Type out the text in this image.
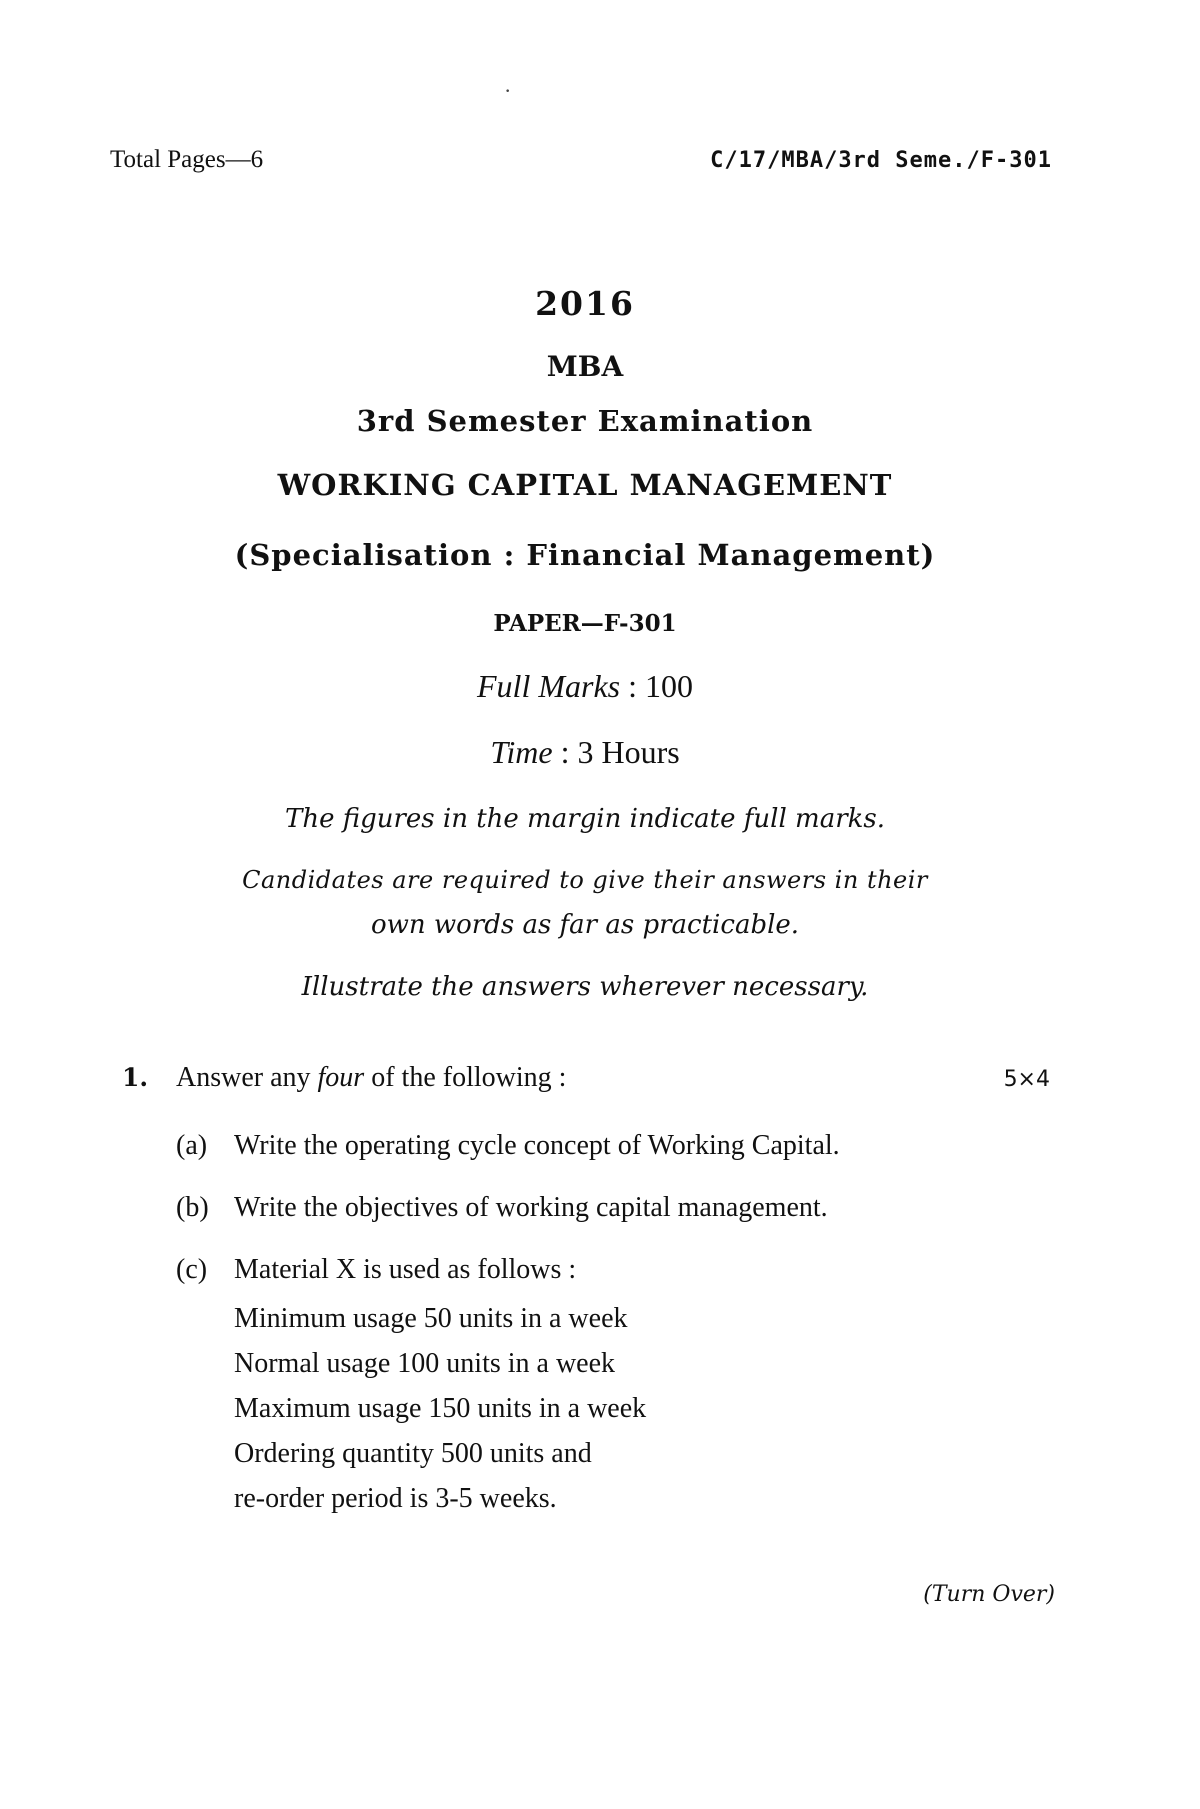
·
Total Pages—6	C/17/MBA/3rd Seme./F-301
2016
MBA
3rd Semester Examination
WORKING CAPITAL MANAGEMENT
(Specialisation : Financial Management)
PAPER—F-301
Full Marks : 100
Time : 3 Hours
The figures in the margin indicate full marks.
Candidates are required to give their answers in their
own words as far as practicable.
Illustrate the answers wherever necessary.
1. Answer any four of the following :	5×4
(a) Write the operating cycle concept of Working Capital.
(b) Write the objectives of working capital management.
(c) Material X is used as follows :
Minimum usage 50 units in a week
Normal usage 100 units in a week
Maximum usage 150 units in a week
Ordering quantity 500 units and
re-order period is 3-5 weeks.
(Turn Over)
